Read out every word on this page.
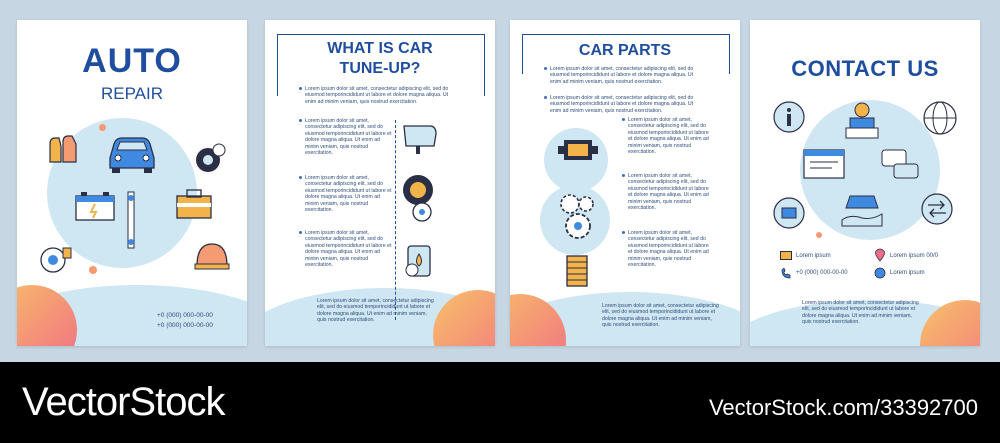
AUTO
REPAIR
+0 (000) 000-00-00
+0 (000) 000-00-00
WHAT IS CAR
TUNE-UP?
Lorem ipsum dolor sit amet, consectetur adipiscing elit, sed do eiusmod temporincididunt ut labore et dolore magna aliqua. Ut enim ad minim veniam, quis nostrud exercitation.
Lorem ipsum dolor sit amet, consectetur adipiscing elit, sed do eiusmod temporincididunt ut labore et dolore magna aliqua. Ut enim ad minim veniam, quis nostrud exercitation.
Lorem ipsum dolor sit amet, consectetur adipiscing elit, sed do eiusmod temporincididunt ut labore et dolore magna aliqua. Ut enim ad minim veniam, quis nostrud exercitation.
Lorem ipsum dolor sit amet, consectetur adipiscing elit, sed do eiusmod temporincididunt ut labore et dolore magna aliqua. Ut enim ad minim veniam, quis nostrud exercitation.
Lorem ipsum dolor sit amet, consectetur adipiscing elit, sed do eiusmod temporincididunt ut labore et dolore magna aliqua. Ut enim ad minim veniam, quis nostrud exercitation.
CAR PARTS
Lorem ipsum dolor sit amet, consectetur adipiscing elit, sed do eiusmod temporincididunt ut labore et dolore magna aliqua. Ut enim ad minim veniam, quis nostrud exercitation.
Lorem ipsum dolor sit amet, consectetur adipiscing elit, sed do eiusmod temporincididunt ut labore et dolore magna aliqua. Ut enim ad minim veniam, quis nostrud exercitation.
Lorem ipsum dolor sit amet, consectetur adipiscing elit, sed do eiusmod temporincididunt ut labore et dolore magna aliqua. Ut enim ad minim veniam, quis nostrud exercitation.
Lorem ipsum dolor sit amet, consectetur adipiscing elit, sed do eiusmod temporincididunt ut labore et dolore magna aliqua. Ut enim ad minim veniam, quis nostrud exercitation.
Lorem ipsum dolor sit amet, consectetur adipiscing elit, sed do eiusmod temporincididunt ut labore et dolore magna aliqua. Ut enim ad minim veniam, quis nostrud exercitation.
Lorem ipsum dolor sit amet, consectetur adipiscing elit, sed do eiusmod temporincididunt ut labore et dolore magna aliqua. Ut enim ad minim veniam, quis nostrud exercitation.
CONTACT US
Lorem ipsum
+0 (000) 000-00-00
Lorem ipsum 00/0
Lorem ipsum
Lorem ipsum dolor sit amet, consectetur adipiscing elit, sed do eiusmod temporincididunt ut labore et dolore magna aliqua. Ut enim ad minim veniam, quis nostrud exercitation.
VectorStock	VectorStock.com/33392700
